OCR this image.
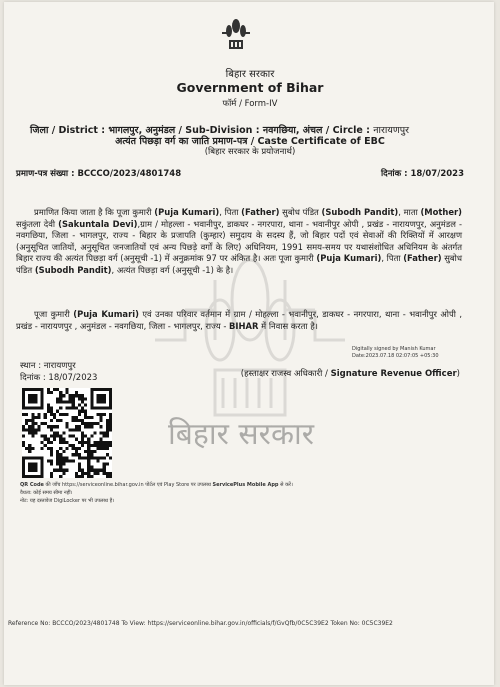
बिहार सरकार
बिहार सरकार
Government of Bihar
फॉर्म / Form-IV
जिला / District : भागलपुर, अनुमंडल / Sub-Division : नवगछिया, अंचल / Circle : नारायणपुर
अत्यंत पिछड़ा वर्ग का जाति प्रमाण-पत्र / Caste Certificate of EBC
(बिहार सरकार के प्रयोजनार्थ)
प्रमाण-पत्र संख्या : BCCCO/2023/4801748	दिनांक : 18/07/2023

प्रमाणित किया जाता है कि पूजा कुमारी (Puja Kumari), पिता (Father) सुबोध पंडित (Subodh Pandit), माता (Mother) सकुंतला देवी (Sakuntala Devi),ग्राम / मोहल्ला - भवानीपुर, डाकघर - नगरपारा, थाना - भवानीपुर ओपी , प्रखंड - नारायणपुर, अनुमंडल - नवगछिया, जिला - भागलपुर, राज्य - बिहार के प्रजापति (कुम्हार) समुदाय के सदस्य हैं, जो बिहार पदों एवं सेवाओं की रिक्तियों में आरक्षण (अनुसूचित जातियों, अनुसूचित जनजातियों एवं अन्य पिछड़े वर्गों के लिए) अधिनियम, 1991 समय-समय पर यथासंशोधित अधिनियम के अंतर्गत बिहार राज्य की अत्यंत पिछड़ा वर्ग (अनुसूची -1) में अनुक्रमांक 97 पर अंकित है। अतः पूजा कुमारी (Puja Kumari), पिता (Father) सुबोध पंडित (Subodh Pandit), अत्यंत पिछड़ा वर्ग (अनुसूची -1) के है।

पूजा कुमारी (Puja Kumari) एवं उनका परिवार वर्तमान में ग्राम / मोहल्ला - भवानीपुर, डाकघर - नगरपारा, थाना - भवानीपुर ओपी , प्रखंड - नारायणपुर , अनुमंडल - नवगछिया, जिला - भागलपुर, राज्य - BIHAR में निवास करता है।

Digitally signed by Manish Kumar
Date:2023.07.18 02:07:05 +05:30
स्थान : नारायणपुर
दिनांक : 18/07/2023	(हस्ताक्षर राजस्व अधिकारी / Signature Revenue Officer)
QR Code की जाँच https://serviceonline.bihar.gov.in पोर्टल एवं Play Store पर उपलब्ध ServicePlus Mobile App से करें।
वैधता: कोई समय सीमा नहीं।
नोट: यह दस्तावेज DigiLocker पर भी उपलब्ध है।
Reference No: BCCCO/2023/4801748 To View: https://serviceonline.bihar.gov.in/officials/f/GvQfb/0C5C39E2 Token No: 0C5C39E2
